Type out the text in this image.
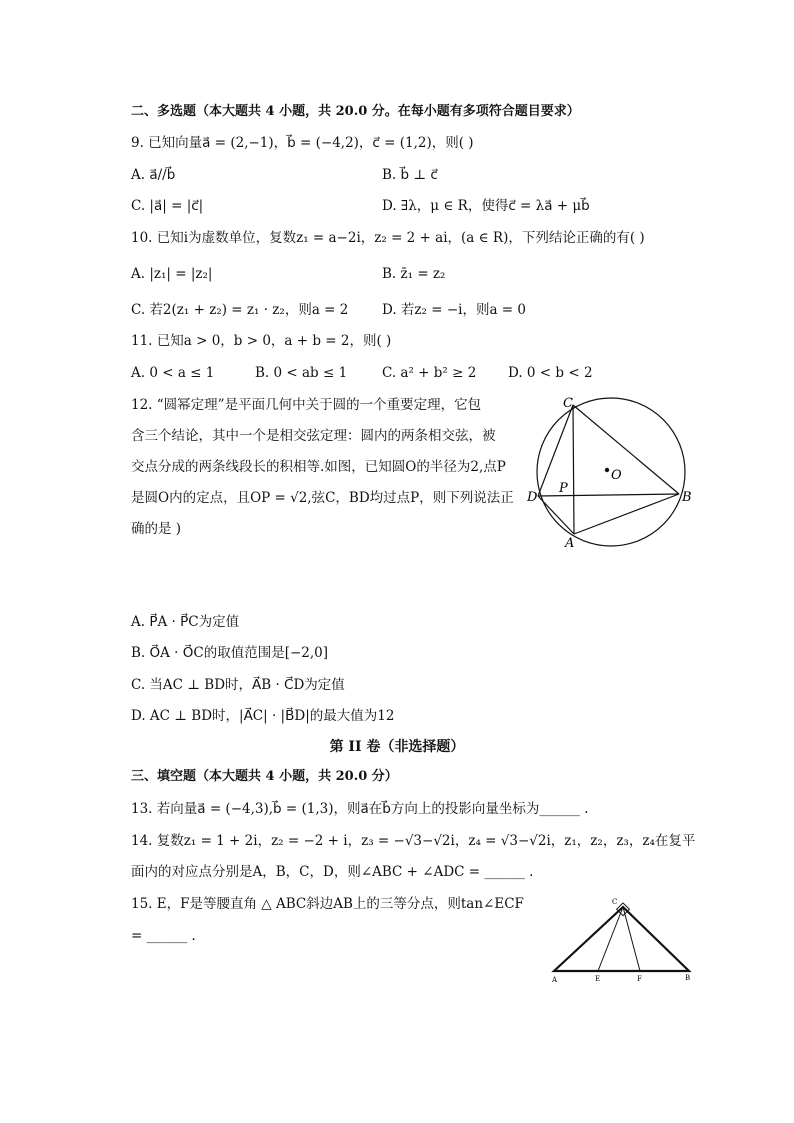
二、多选题（本大题共 4 小题，共 20.0 分。在每小题有多项符合题目要求）
9. 已知向量a⃗ = (2,−1)，b⃗ = (−4,2)，c⃗ = (1,2)，则( )
A. a⃗//b⃗	B. b⃗ ⊥ c⃗
C. |a⃗| = |c⃗|	D. ∃λ，μ ∈ R，使得c⃗ = λa⃗ + μb⃗
10. 已知i为虚数单位，复数z₁ = a−2i，z₂ = 2 + ai，(a ∈ R)，下列结论正确的有( )
A. |z₁| = |z₂|	B. z̄₁ = z₂
C. 若2(z₁ + z₂) = z₁ · z₂，则a = 2 D. 若z₂ = −i，则a = 0
11. 已知a > 0，b > 0，a + b = 2，则( )
A. 0 < a ≤ 1	B. 0 < ab ≤ 1	C. a² + b² ≥ 2 D. 0 < b < 2
12. “圆幂定理”是平面几何中关于圆的一个重要定理，它包
含三个结论，其中一个是相交弦定理：圆内的两条相交弦，被
交点分成的两条线段长的积相等.如图，已知圆O的半径为2,点P
是圆O内的定点，且OP = √2,弦C，BD均过点P，则下列说法正
确的是 )
C
O
P
D	B
A
A. P⃗A · P⃗C为定值
B. O⃗A · O⃗C的取值范围是[−2,0]
C. 当AC ⊥ BD时，A⃗B · C⃗D为定值
D. AC ⊥ BD时，|A⃗C| · |B⃗D|的最大值为12
第 II 卷（非选择题）
三、填空题（本大题共 4 小题，共 20.0 分）
13. 若向量a⃗ = (−4,3),b⃗ = (1,3)，则a⃗在b⃗方向上的投影向量坐标为______ .
14. 复数z₁ = 1 + 2i，z₂ = −2 + i，z₃ = −√3−√2i，z₄ = √3−√2i，z₁，z₂，z₃，z₄在复平
面内的对应点分别是A，B，C，D，则∠ABC + ∠ADC = ______ .
15. E，F是等腰直角 △ ABC斜边AB上的三等分点，则tan∠ECF
= ______ .
C
A	E	F	B
